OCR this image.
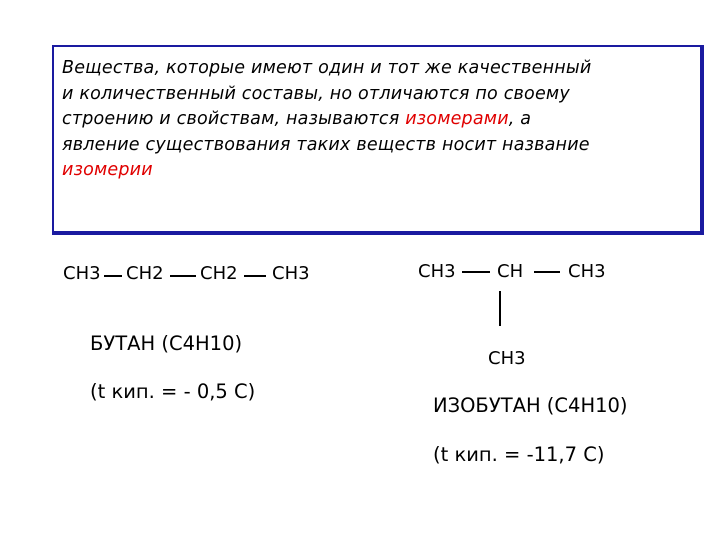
Вещества, которые имеют один и тот же качественный
и количественный составы, но отличаются по своему
строению и свойствам, называются изомерами, а
явление существования таких веществ носит название
изомерии
CH3 CH2 CH2 CH3
БУТАН (C4H10)
(t кип. = - 0,5 C)
CH3 CH CH3
CH3
ИЗОБУТАН (C4H10)
(t кип. = -11,7 C)
